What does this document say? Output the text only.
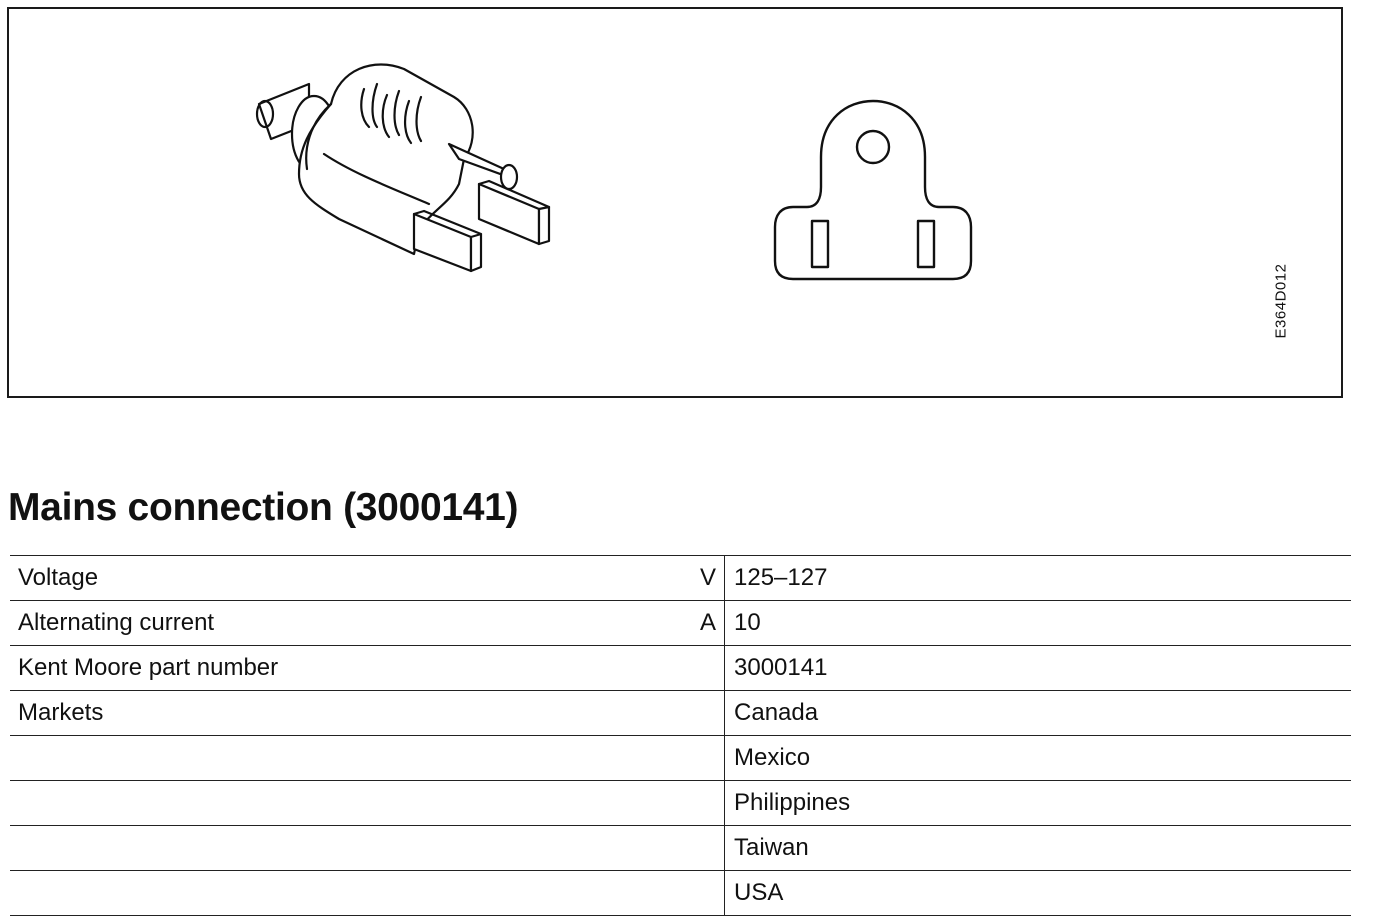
E364D012
Mains connection (3000141)
Voltage	V	125–127
Alternating current	A	10
Kent Moore part number		3000141
Markets		Canada
		Mexico
		Philippines
		Taiwan
		USA
